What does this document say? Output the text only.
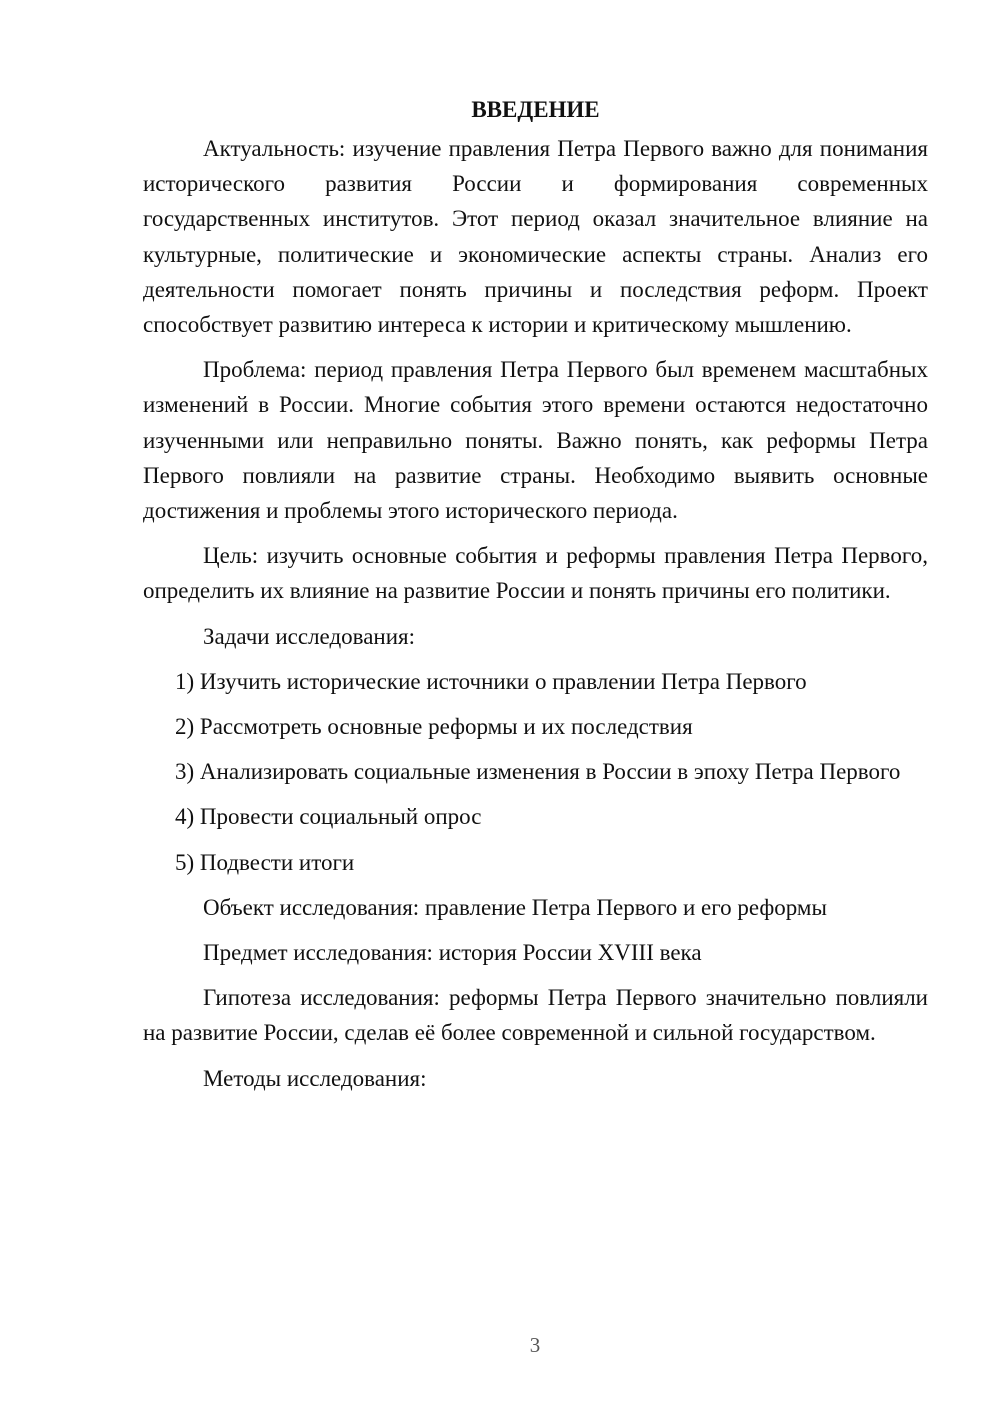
ВВЕДЕНИЕ

Актуальность: изучение правления Петра Первого важно для понимания исторического развития России и формирования современных государственных институтов. Этот период оказал значительное влияние на культурные, политические и экономические аспекты страны. Анализ его деятельности помогает понять причины и последствия реформ. Проект способствует развитию интереса к истории и критическому мышлению.

Проблема: период правления Петра Первого был временем масштабных изменений в России. Многие события этого времени остаются недостаточно изученными или неправильно поняты. Важно понять, как реформы Петра Первого повлияли на развитие страны. Необходимо выявить основные достижения и проблемы этого исторического периода.

Цель: изучить основные события и реформы правления Петра Первого, определить их влияние на развитие России и понять причины его политики.

Задачи исследования:

1) Изучить исторические источники о правлении Петра Первого

2) Рассмотреть основные реформы и их последствия

3) Анализировать социальные изменения в России в эпоху Петра Первого

4) Провести социальный опрос

5) Подвести итоги

Объект исследования: правление Петра Первого и его реформы

Предмет исследования: история России XVIII века

Гипотеза исследования: реформы Петра Первого значительно повлияли на развитие России, сделав её более современной и сильной государством.

Методы исследования:

3
